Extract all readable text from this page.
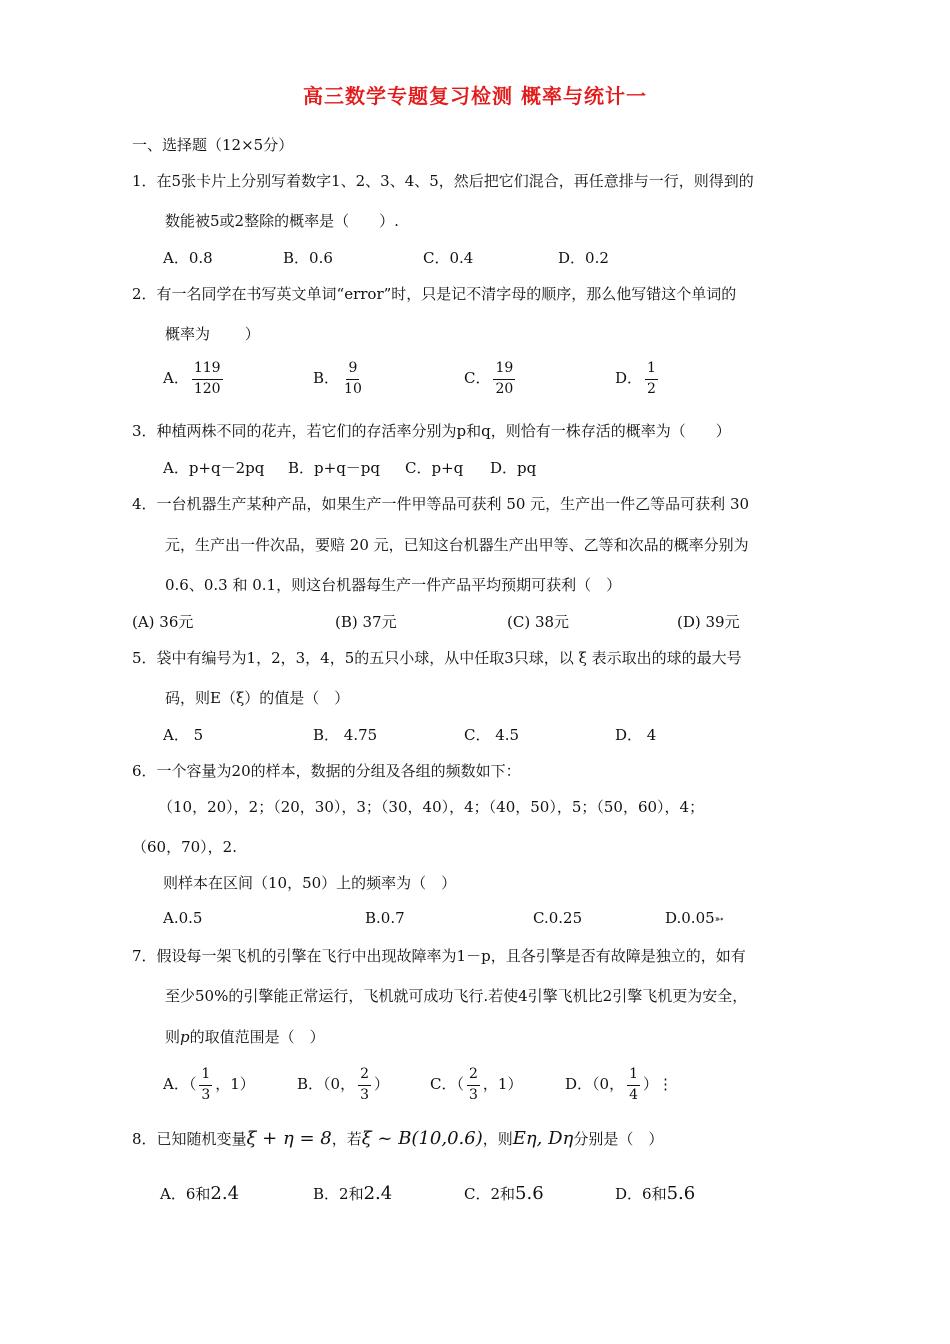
高三数学专题复习检测 概率与统计一
一、选择题（12×5分）
1．在5张卡片上分别写着数字1、2、3、4、5，然后把它们混合，再任意排与一行，则得到的
数能被5或2整除的概率是（　　）.
A．0.8	B．0.6	C．0.4	D．0.2
2．有一名同学在书写英文单词“error”时，只是记不清字母的顺序，那么他写错这个单词的
概率为　　 ）
A． $\frac{119}{120}$	B． $\frac{9}{10}$	C． $\frac{19}{20}$	D． $\frac{1}{2}$
3．种植两株不同的花卉，若它们的存活率分别为p和q，则恰有一株存活的概率为（　　）
A．p+q－2pq B．p+q－pq C．p+q D．pq
4．一台机器生产某种产品，如果生产一件甲等品可获利 50 元，生产出一件乙等品可获利 30
元，生产出一件次品，要赔 20 元，已知这台机器生产出甲等、乙等和次品的概率分别为
0.6、0.3 和 0.1，则这台机器每生产一件产品平均预期可获利（　）
(A) 36元	(B) 37元	(C) 38元	(D) 39元
5．袋中有编号为1，2，3，4，5的五只小球，从中任取3只球，以 ξ 表示取出的球的最大号
码，则E（ξ）的值是（　）
A． 5	B． 4.75	C． 4.5	D． 4
6．一个容量为20的样本，数据的分组及各组的频数如下：
（10，20），2；（20，30），3；（30，40），4；（40，50），5；（50，60），4；
（60，70），2.
则样本在区间（10，50）上的频率为（　）
A.0.5	B.0.7	C.0.25	D.0.05➳
7．假设每一架飞机的引擎在飞行中出现故障率为1－p，且各引擎是否有故障是独立的，如有
至少50%的引擎能正常运行，飞机就可成功飞行.若使4引擎飞机比2引擎飞机更为安全，
则p的取值范围是（　）
A．（ $\frac{1}{3}$ ，1）	B．（0， $\frac{2}{3}$ ）	C．（ $\frac{2}{3}$ ，1）	D．（0， $\frac{1}{4}$ ）⋮
8．已知随机变量ξ + η = 8，若ξ ~ B(10,0.6)，则Eη, Dη分别是（　）
A．6和2.4	B．2和2.4	C．2和5.6	D．6和5.6
